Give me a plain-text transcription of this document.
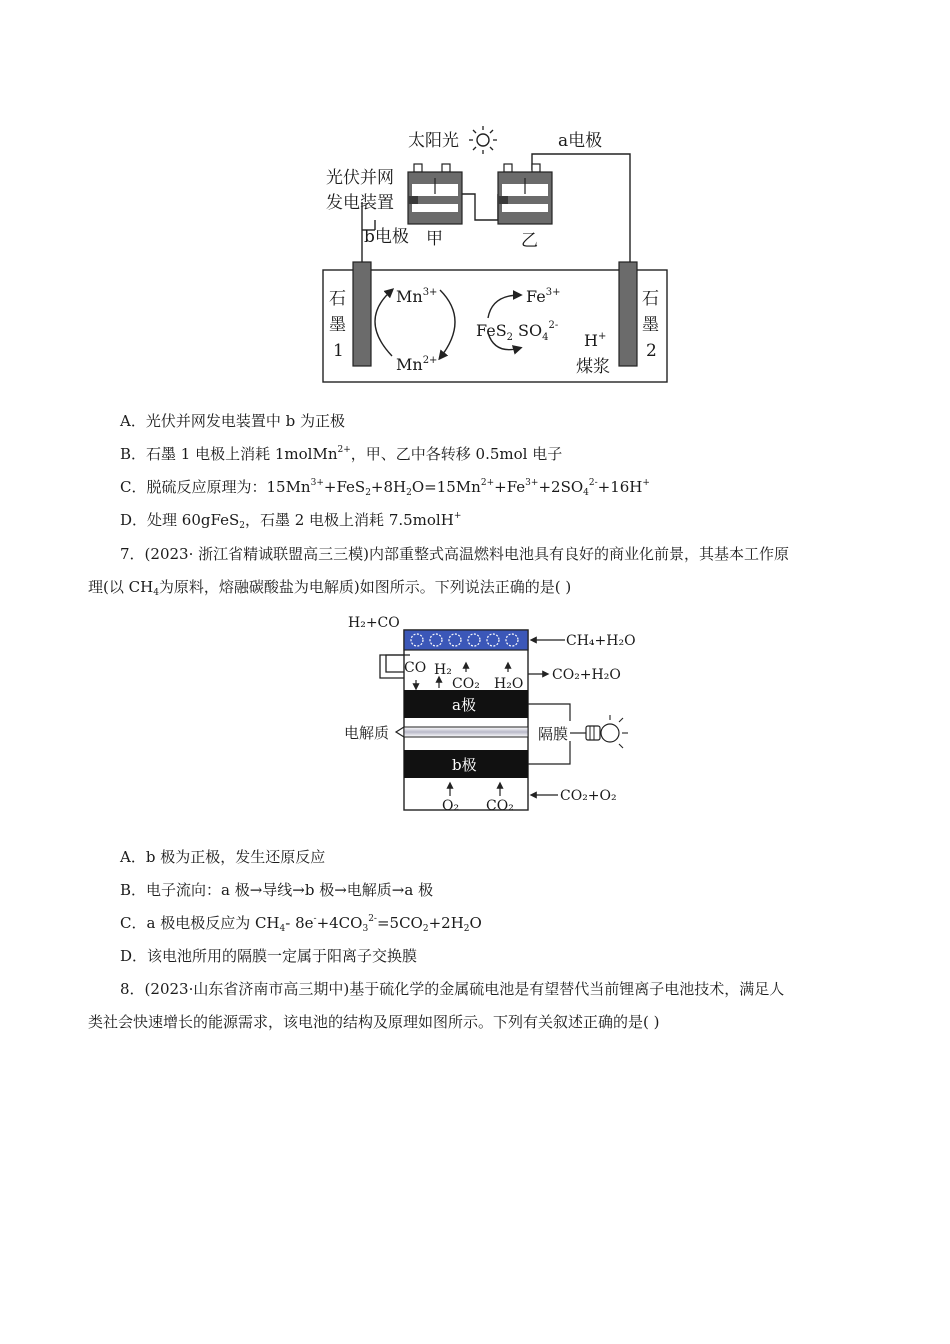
太阳光	a电极
光伏并网
发电装置
b电极 甲	乙
石
墨
1
石
墨
2
$Mn^{3+}$
$Mn^{2+}$
$Fe^{3+}$
FeS$_2$ $SO_4^{2-}$
H+
煤浆
A．光伏并网发电装置中 b 为正极
B．石墨 1 电极上消耗 1molMn$^{2+}$，甲、乙中各转移 0.5mol 电子
C．脱硫反应原理为：$15Mn^{3+}+FeS_2+8H_2O=15Mn^{2+}+Fe^{3+}+2SO_4^{2-}+16H^+$
D．处理 60gFeS$_2$，石墨 2 电极上消耗 7.5molH+
7．(2023· 浙江省精诚联盟高三三模)内部重整式高温燃料电池具有良好的商业化前景，其基本工作原
理(以 $CH_4$为原料，熔融碳酸盐为电解质)如图所示。下列说法正确的是( )
H₂+CO
CH₄+H₂O
CO H₂
CO₂ H₂O
CO₂+H₂O
a极
电解质	隔膜
b极
O₂ CO₂
CO₂+O₂
A．b 极为正极，发生还原反应
B．电子流向：a 极→导线→b 极→电解质→a 极
C．a 极电极反应为 $CH_4-$ $8e^-+4CO_3^{2-}=5CO_2+2H_2O$
D．该电池所用的隔膜一定属于阳离子交换膜
8．(2023·山东省济南市高三期中)基于硫化学的金属硫电池是有望替代当前锂离子电池技术，满足人
类社会快速增长的能源需求，该电池的结构及原理如图所示。下列有关叙述正确的是( )
